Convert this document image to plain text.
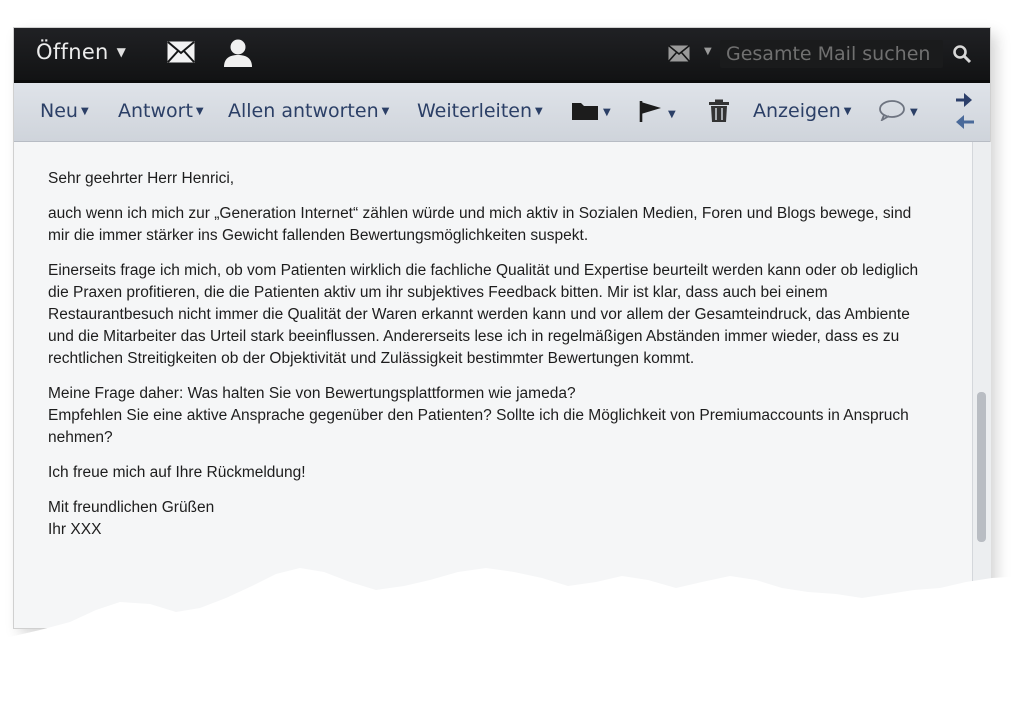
Öffnen ▼	▼
Gesamte Mail suchen
Neu ▼ Antwort ▼ Allen antworten ▼ Weiterleiten ▼	▼	▼	Anzeigen ▼	▼

Sehr geehrter Herr Henrici,

auch wenn ich mich zur „Generation Internet“ zählen würde und mich aktiv in Sozialen Medien, Foren und Blogs bewege, sind mir die immer stärker ins Gewicht fallenden Bewertungsmöglichkeiten suspekt.

Einerseits frage ich mich, ob vom Patienten wirklich die fachliche Qualität und Expertise beurteilt werden kann oder ob lediglich die Praxen profitieren, die die Patienten aktiv um ihr subjektives Feedback bitten. Mir ist klar, dass auch bei einem Restaurantbesuch nicht immer die Qualität der Waren erkannt werden kann und vor allem der Gesamteindruck, das Ambiente und die Mitarbeiter das Urteil stark beeinflussen. Andererseits lese ich in regelmäßigen Abständen immer wieder, dass es zu rechtlichen Streitigkeiten ob der Objektivität und Zulässigkeit bestimmter Bewertungen kommt.

Meine Frage daher: Was halten Sie von Bewertungsplattformen wie jameda?
Empfehlen Sie eine aktive Ansprache gegenüber den Patienten? Sollte ich die Möglichkeit von Premiumaccounts in Anspruch nehmen?

Ich freue mich auf Ihre Rückmeldung!

Mit freundlichen Grüßen
Ihr XXX
